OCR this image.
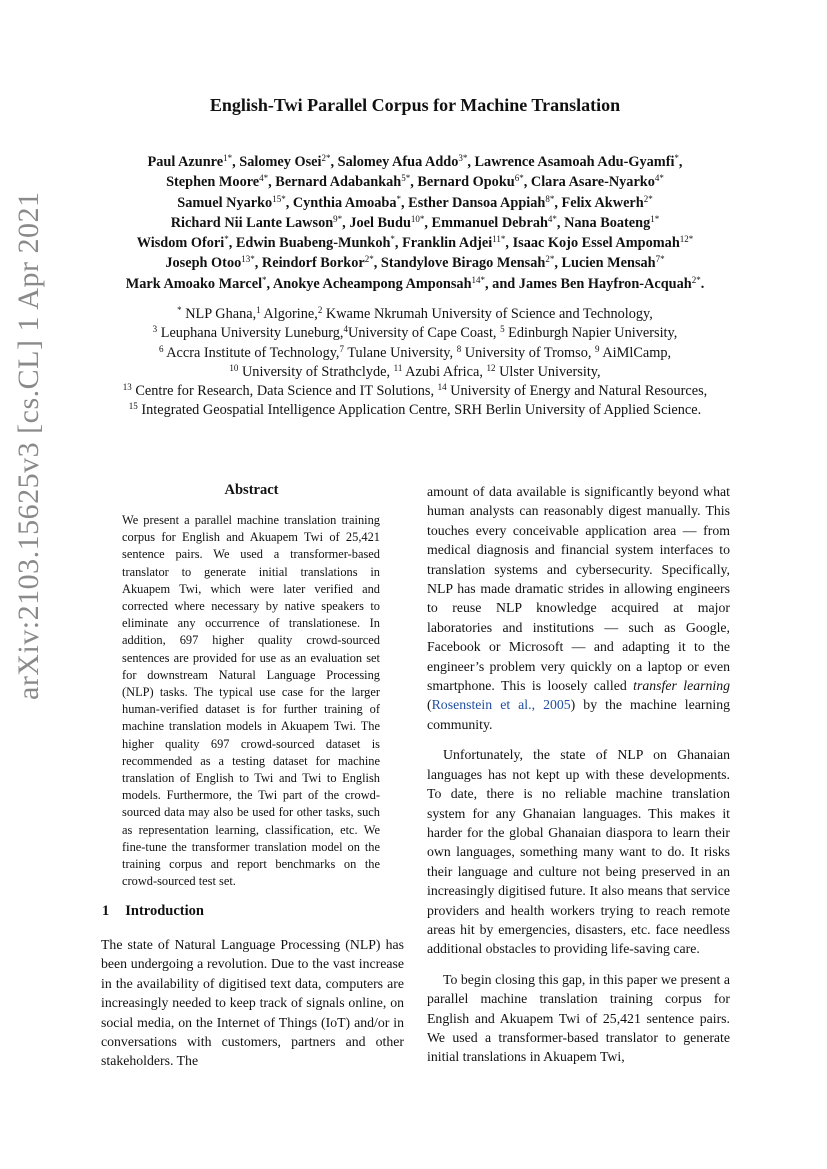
arXiv:2103.15625v3 [cs.CL] 1 Apr 2021
English-Twi Parallel Corpus for Machine Translation
Paul Azunre$^{1*}$, Salomey Osei$^{2*}$, Salomey Afua Addo$^{3*}$, Lawrence Asamoah Adu-Gyamfi*,
Stephen Moore$^{4*}$, Bernard Adabankah$^{5*}$, Bernard Opoku$^{6*}$, Clara Asare-Nyarko$^{4*}$
Samuel Nyarko$^{15*}$, Cynthia Amoaba*, Esther Dansoa Appiah$^{8*}$, Felix Akwerh$^{2*}$
Richard Nii Lante Lawson$^{9*}$, Joel Budu$^{10*}$, Emmanuel Debrah$^{4*}$, Nana Boateng$^{1*}$
Wisdom Ofori*, Edwin Buabeng-Munkoh*, Franklin Adjei$^{11*}$, Isaac Kojo Essel Ampomah$^{12*}$
Joseph Otoo$^{13*}$, Reindorf Borkor$^{2*}$, Standylove Birago Mensah$^{2*}$, Lucien Mensah$^{7*}$
Mark Amoako Marcel*, Anokye Acheampong Amponsah$^{14*}$, and James Ben Hayfron-Acquah$^{2*}$.
* NLP Ghana,$^1$ Algorine,$^2$ Kwame Nkrumah University of Science and Technology,
$^3$ Leuphana University Luneburg,$^4$University of Cape Coast, $^5$ Edinburgh Napier University,
$^6$ Accra Institute of Technology,$^7$ Tulane University, $^8$ University of Tromso, $^9$ AiMlCamp,
$^{10}$ University of Strathclyde, $^{11}$ Azubi Africa, $^{12}$ Ulster University,
$^{13}$ Centre for Research, Data Science and IT Solutions, $^{14}$ University of Energy and Natural Resources,
$^{15}$ Integrated Geospatial Intelligence Application Centre, SRH Berlin University of Applied Science.
Abstract
We present a parallel machine translation training corpus for English and Akuapem Twi of 25,421 sentence pairs. We used a transformer-based translator to generate initial translations in Akuapem Twi, which were later verified and corrected where necessary by native speakers to eliminate any occurrence of translationese. In addition, 697 higher quality crowd-sourced sentences are provided for use as an evaluation set for downstream Natural Language Processing (NLP) tasks. The typical use case for the larger human-verified dataset is for further training of machine translation models in Akuapem Twi. The higher quality 697 crowd-sourced dataset is recommended as a testing dataset for machine translation of English to Twi and Twi to English models. Furthermore, the Twi part of the crowd-sourced data may also be used for other tasks, such as representation learning, classification, etc. We fine-tune the transformer translation model on the training corpus and report benchmarks on the crowd-sourced test set.
1 Introduction

The state of Natural Language Processing (NLP) has been undergoing a revolution. Due to the vast increase in the availability of digitised text data, computers are increasingly needed to keep track of signals online, on social media, on the Internet of Things (IoT) and/or in conversations with customers, partners and other stakeholders. The

amount of data available is significantly beyond what human analysts can reasonably digest manually. This touches every conceivable application area — from medical diagnosis and financial system interfaces to translation systems and cybersecurity. Specifically, NLP has made dramatic strides in allowing engineers to reuse NLP knowledge acquired at major laboratories and institutions — such as Google, Facebook or Microsoft — and adapting it to the engineer’s problem very quickly on a laptop or even smartphone. This is loosely called transfer learning (Rosenstein et al., 2005) by the machine learning community.

Unfortunately, the state of NLP on Ghanaian languages has not kept up with these developments. To date, there is no reliable machine translation system for any Ghanaian languages. This makes it harder for the global Ghanaian diaspora to learn their own languages, something many want to do. It risks their language and culture not being preserved in an increasingly digitised future. It also means that service providers and health workers trying to reach remote areas hit by emergencies, disasters, etc. face needless additional obstacles to providing life-saving care.

To begin closing this gap, in this paper we present a parallel machine translation training corpus for English and Akuapem Twi of 25,421 sentence pairs. We used a transformer-based translator to generate initial translations in Akuapem Twi,
